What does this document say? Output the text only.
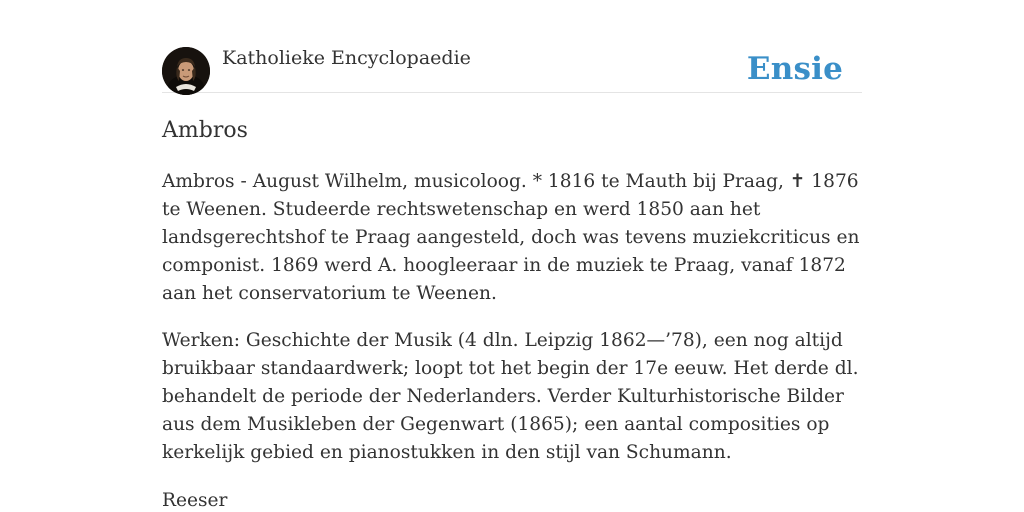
Katholieke Encyclopaedie	Ensie
Ambros

Ambros - August Wilhelm, musicoloog. * 1816 te Mauth bij Praag, ✝ 1876 te Weenen. Studeerde rechtswetenschap en werd 1850 aan het landsgerechtshof te Praag aangesteld, doch was tevens muziekcriticus en componist. 1869 werd A. hoogleeraar in de muziek te Praag, vanaf 1872 aan het conservatorium te Weenen.

Werken: Geschichte der Musik (4 dln. Leipzig 1862—’78), een nog altijd bruikbaar standaardwerk; loopt tot het begin der 17e eeuw. Het derde dl. behandelt de periode der Nederlanders. Verder Kulturhistorische Bilder aus dem Musikleben der Gegenwart (1865); een aantal composities op kerkelijk gebied en pianostukken in den stijl van Schumann.

Reeser
